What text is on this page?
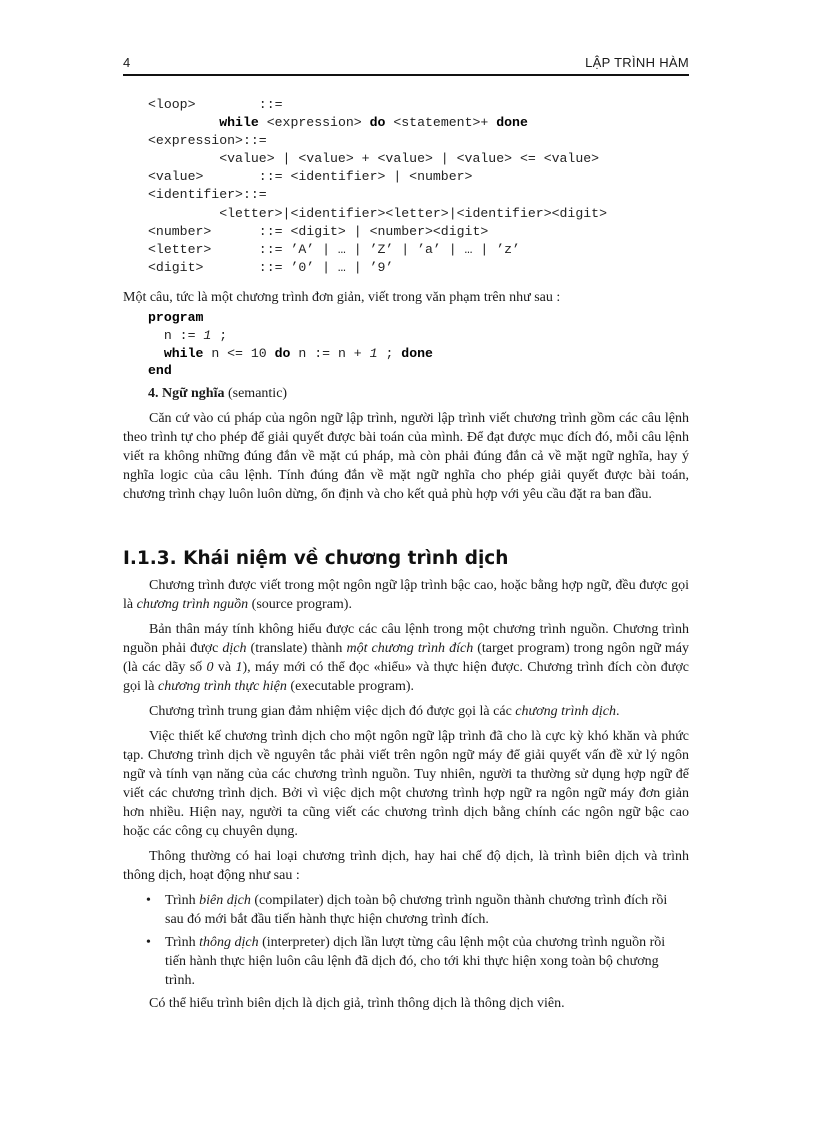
4	LẬP TRÌNH HÀM
<loop>        ::=
while <expression> do <statement>+ done
<expression>::=
<value> | <value> + <value> | <value> <= <value>
<value>       ::= <identifier> | <number>
<identifier>::=
<letter>|<identifier><letter>|<identifier><digit>
<number>      ::= <digit> | <number><digit>
<letter>      ::= ’A’ | … | ’Z’ | ’a’ | … | ’z’
<digit>       ::= ’0’ | … | ’9’

Một câu, tức là một chương trình đơn giản, viết trong văn phạm trên như sau :

program
n := 1 ;
while n <= 10 do n := n + 1 ; done
end
4. Ngữ nghĩa (semantic)

Căn cứ vào cú pháp của ngôn ngữ lập trình, người lập trình viết chương trình gồm các câu lệnh theo trình tự cho phép để giải quyết được bài toán của mình. Để đạt được mục đích đó, mỗi câu lệnh viết ra không những đúng đắn về mặt cú pháp, mà còn phải đúng đắn cả về mặt ngữ nghĩa, hay ý nghĩa logic của câu lệnh. Tính đúng đắn về mặt ngữ nghĩa cho phép giải quyết được bài toán, chương trình chạy luôn luôn dừng, ổn định và cho kết quả phù hợp với yêu cầu đặt ra ban đầu.

I.1.3. Khái niệm về chương trình dịch

Chương trình được viết trong một ngôn ngữ lập trình bậc cao, hoặc bằng hợp ngữ, đều được gọi là chương trình nguồn (source program).

Bản thân máy tính không hiểu được các câu lệnh trong một chương trình nguồn. Chương trình nguồn phải được dịch (translate) thành một chương trình đích (target program) trong ngôn ngữ máy (là các dãy số 0 và 1), máy mới có thể đọc «hiểu» và thực hiện được. Chương trình đích còn được gọi là chương trình thực hiện (executable program).

Chương trình trung gian đảm nhiệm việc dịch đó được gọi là các chương trình dịch.

Việc thiết kế chương trình dịch cho một ngôn ngữ lập trình đã cho là cực kỳ khó khăn và phức tạp. Chương trình dịch về nguyên tắc phải viết trên ngôn ngữ máy để giải quyết vấn đề xử lý ngôn ngữ và tính vạn năng của các chương trình nguồn. Tuy nhiên, người ta thường sử dụng hợp ngữ để viết các chương trình dịch. Bởi vì việc dịch một chương trình hợp ngữ ra ngôn ngữ máy đơn giản hơn nhiều. Hiện nay, người ta cũng viết các chương trình dịch bằng chính các ngôn ngữ bậc cao hoặc các công cụ chuyên dụng.

Thông thường có hai loại chương trình dịch, hay hai chế độ dịch, là trình biên dịch và trình thông dịch, hoạt động như sau :

• Trình biên dịch (compilater) dịch toàn bộ chương trình nguồn thành chương trình đích rồi sau đó mới bắt đầu tiến hành thực hiện chương trình đích.
• Trình thông dịch (interpreter) dịch lần lượt từng câu lệnh một của chương trình nguồn rồi tiến hành thực hiện luôn câu lệnh đã dịch đó, cho tới khi thực hiện xong toàn bộ chương trình.

Có thể hiểu trình biên dịch là dịch giả, trình thông dịch là thông dịch viên.
